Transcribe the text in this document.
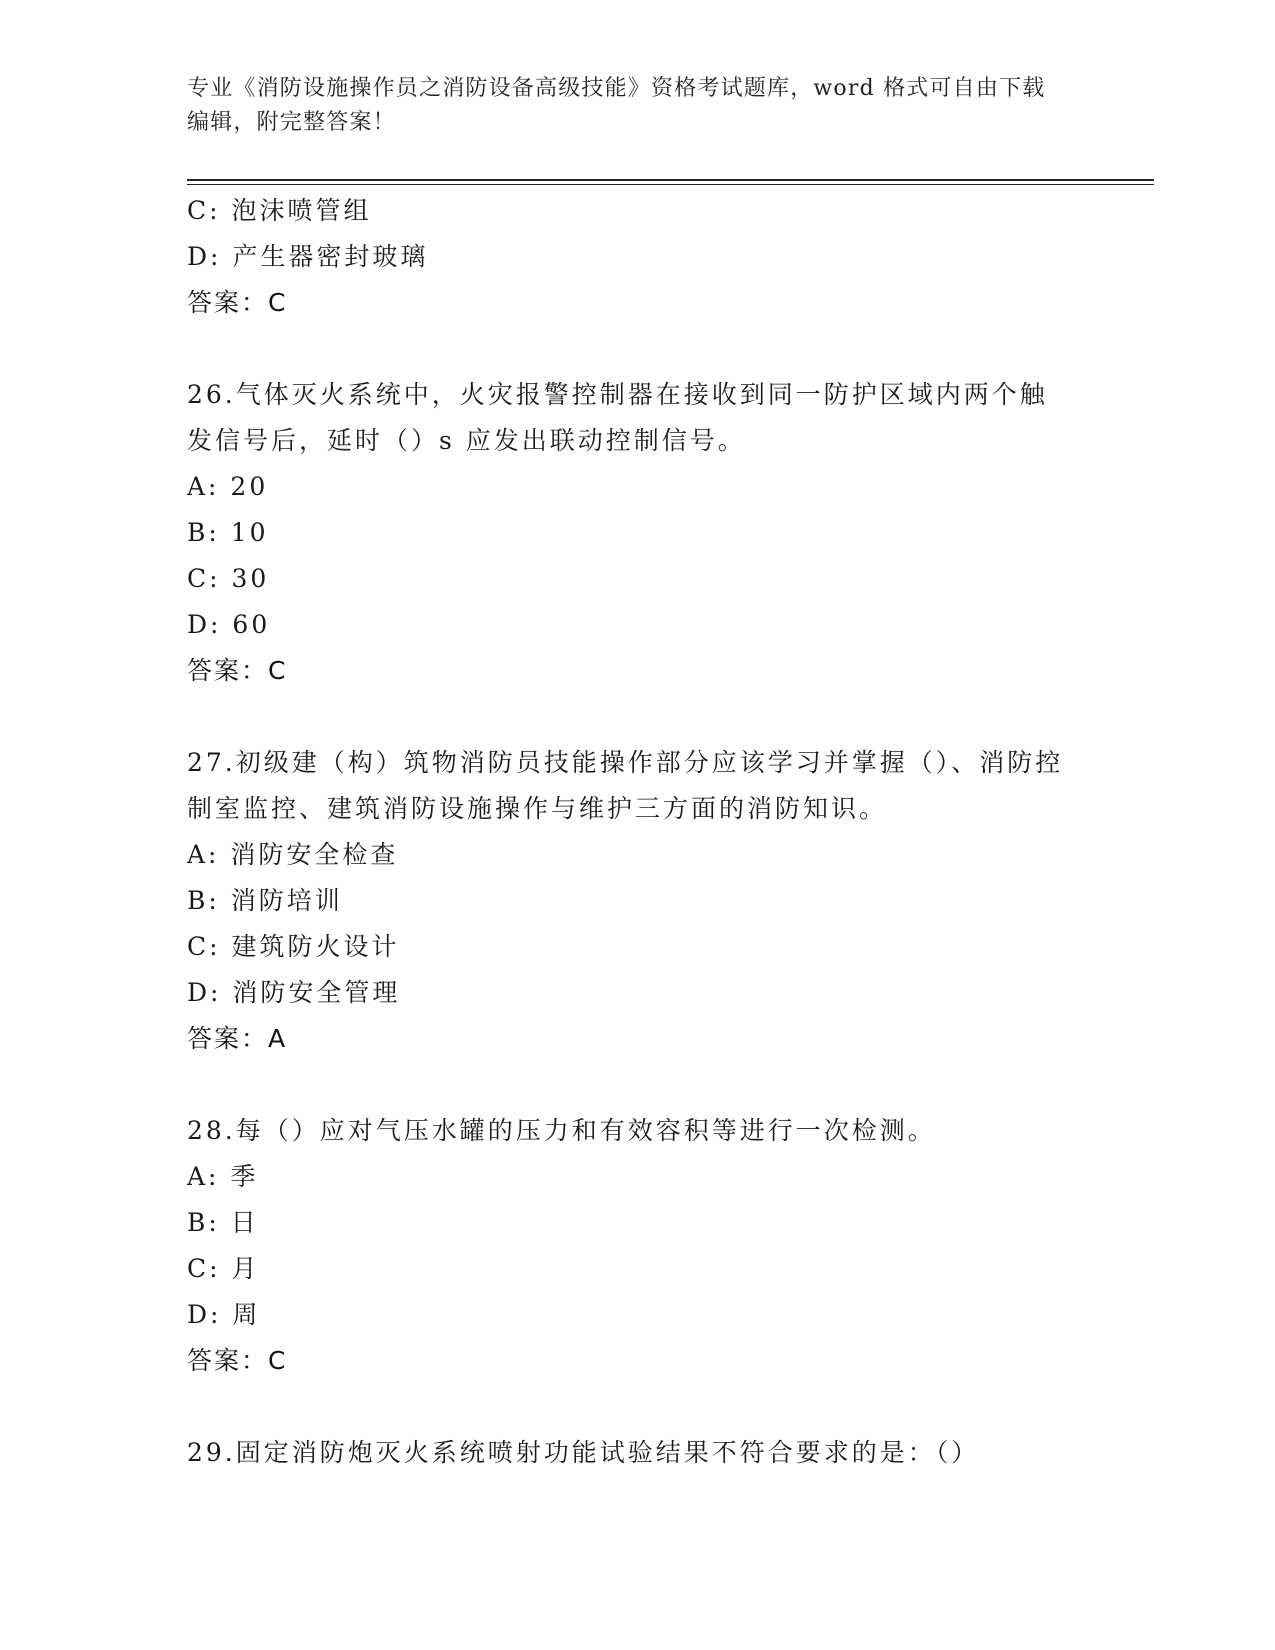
专业《消防设施操作员之消防设备高级技能》资格考试题库，word 格式可自由下载编辑，附完整答案！
C: 泡沫喷管组
D: 产生器密封玻璃
答案：C
26.气体灭火系统中，火灾报警控制器在接收到同一防护区域内两个触发信号后，延时（）s 应发出联动控制信号。
A: 20
B: 10
C: 30
D: 60
答案：C
27.初级建（构）筑物消防员技能操作部分应该学习并掌握（）、消防控制室监控、建筑消防设施操作与维护三方面的消防知识。
A: 消防安全检查
B: 消防培训
C: 建筑防火设计
D: 消防安全管理
答案：A
28.每（）应对气压水罐的压力和有效容积等进行一次检测。
A: 季
B: 日
C: 月
D: 周
答案：C
29.固定消防炮灭火系统喷射功能试验结果不符合要求的是：（）
